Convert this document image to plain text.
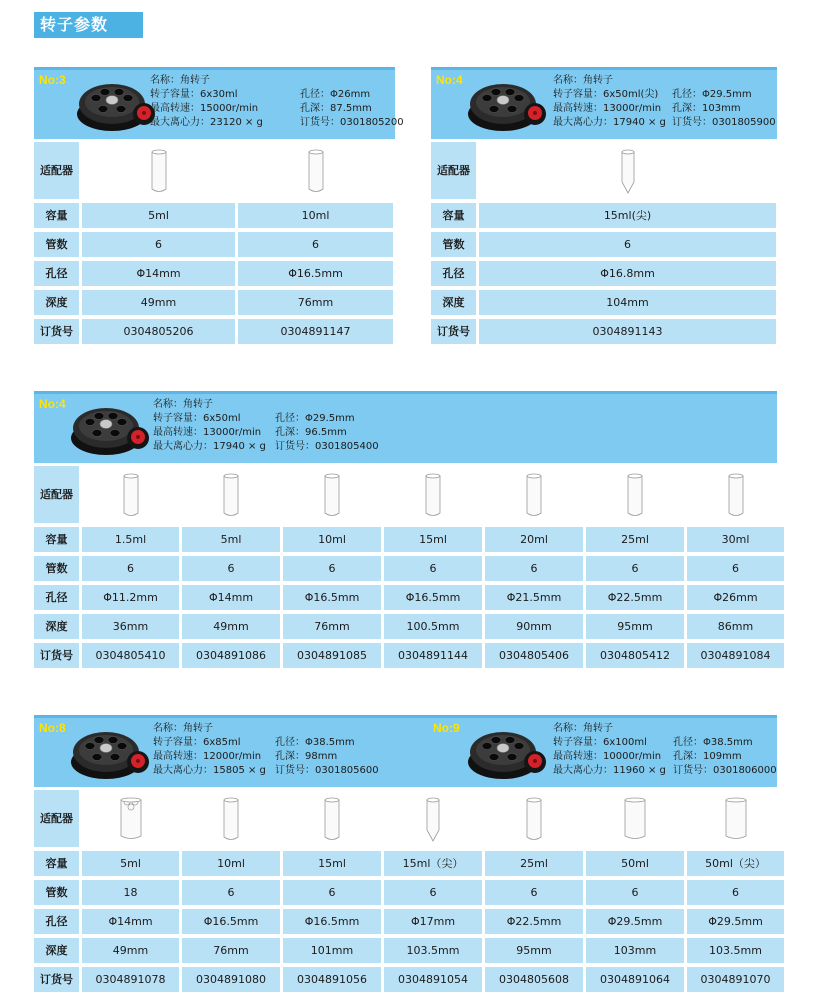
转子参数
No:3	名称：角转子
转子容量：6x30ml
最高转速：15000r/min
最大离心力：23120 × g
孔径：Φ26mm
孔深：87.5mm
订货号：0301805200
适配器
容量	5ml	10ml
管数	6	6
孔径	Φ14mm	Φ16.5mm
深度	49mm	76mm
订货号	0304805206	0304891147
No:4	名称：角转子
转子容量：6x50ml(尖)
最高转速：13000r/min
最大离心力：17940 × g
孔径：Φ29.5mm
孔深：103mm
订货号：0301805900
适配器
容量	15ml(尖)
管数	6
孔径	Φ16.8mm
深度	104mm
订货号	0304891143
No:4	名称：角转子
转子容量：6x50ml
最高转速：13000r/min
最大离心力：17940 × g
孔径：Φ29.5mm
孔深：96.5mm
订货号：0301805400
适配器
容量	1.5ml	5ml	10ml	15ml	20ml	25ml	30ml
管数	6	6	6	6	6	6	6
孔径	Φ11.2mm	Φ14mm	Φ16.5mm	Φ16.5mm	Φ21.5mm	Φ22.5mm	Φ26mm
深度	36mm	49mm	76mm	100.5mm	90mm	95mm	86mm
订货号	0304805410	0304891086	0304891085	0304891144	0304805406	0304805412	0304891084
No:8	名称：角转子
转子容量：6x85ml
最高转速：12000r/min
最大离心力：15805 × g
孔径：Φ38.5mm
孔深：98mm
订货号：0301805600
No:9	名称：角转子
转子容量：6x100ml
最高转速：10000r/min
最大离心力：11960 × g
孔径：Φ38.5mm
孔深：109mm
订货号：0301806000
适配器
容量	5ml	10ml	15ml	15ml（尖）	25ml	50ml	50ml（尖）
管数	18	6	6	6	6	6	6
孔径	Φ14mm	Φ16.5mm	Φ16.5mm	Φ17mm	Φ22.5mm	Φ29.5mm	Φ29.5mm
深度	49mm	76mm	101mm	103.5mm	95mm	103mm	103.5mm
订货号	0304891078	0304891080	0304891056	0304891054	0304805608	0304891064	0304891070
